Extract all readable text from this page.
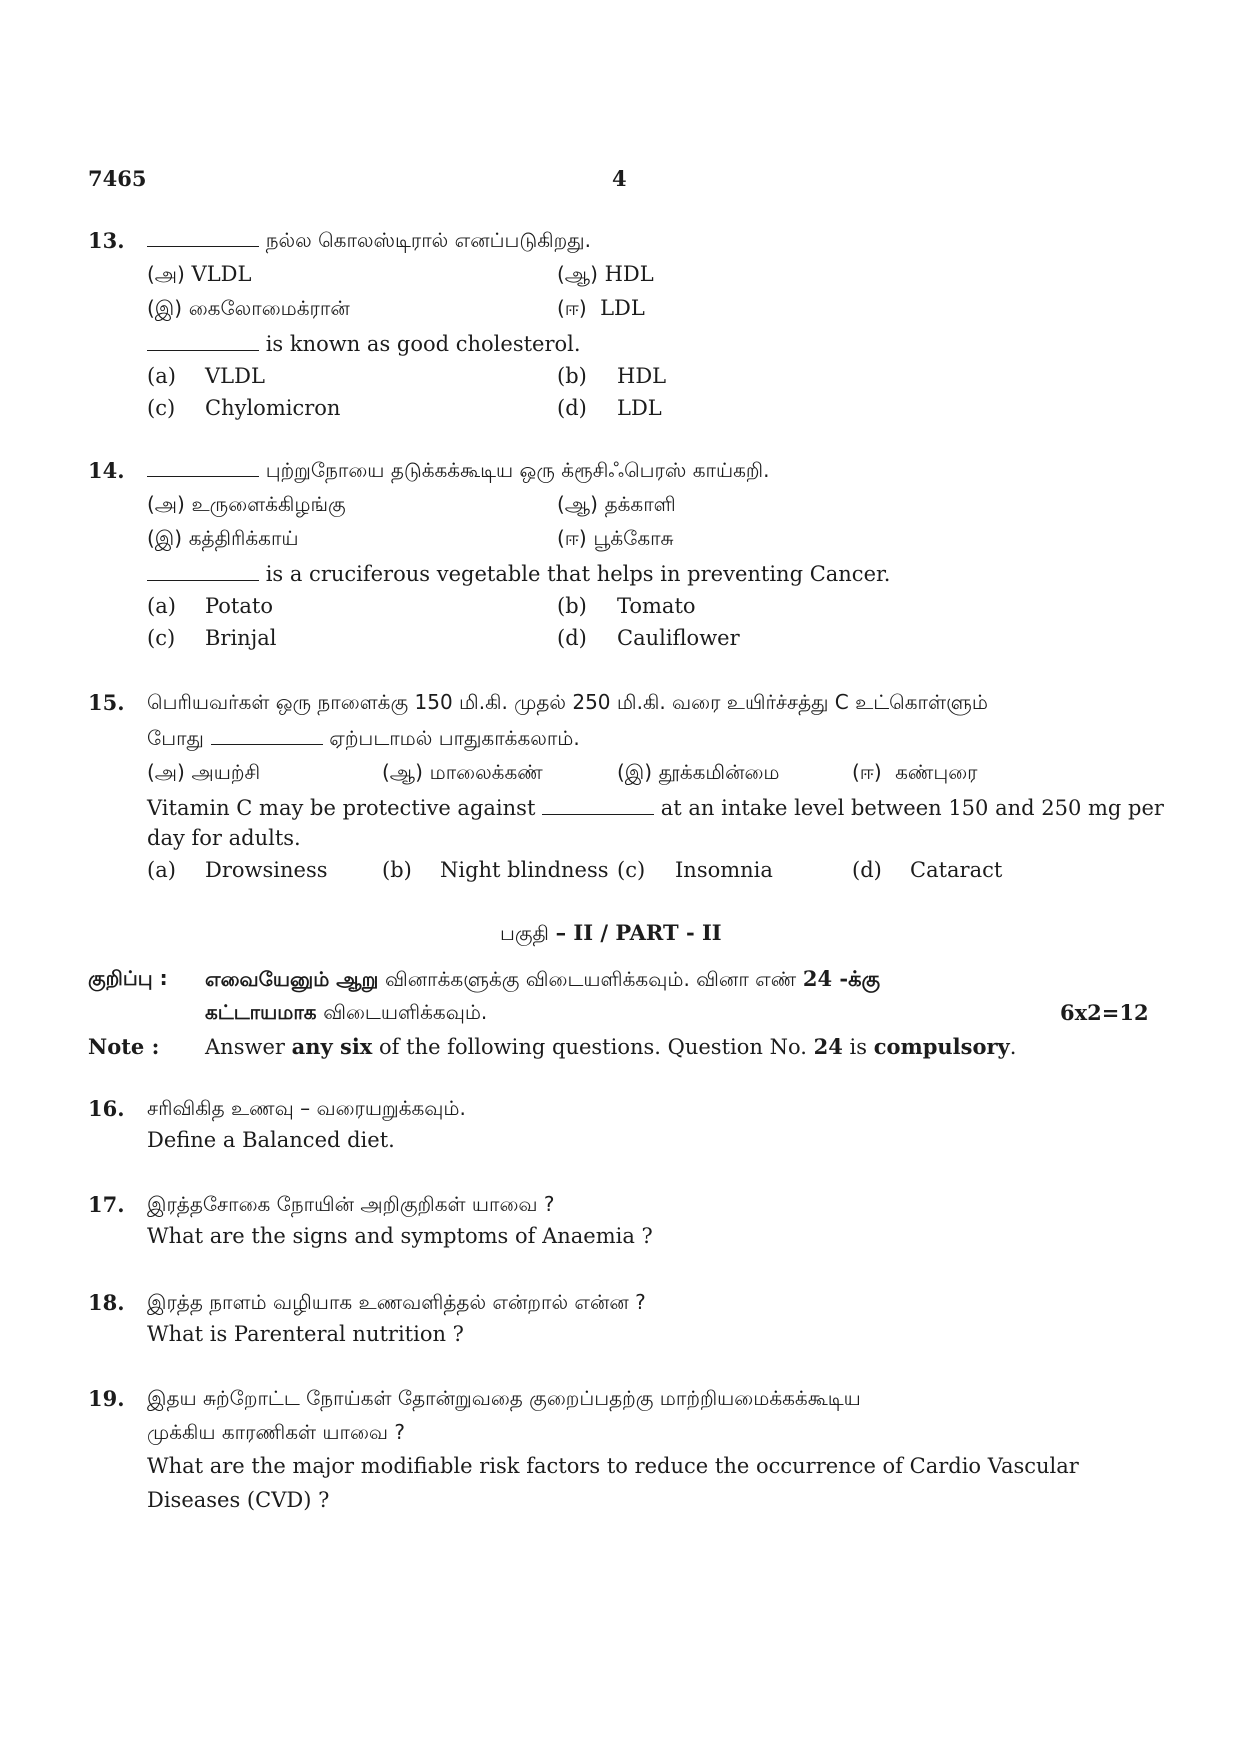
7465	4
13.	நல்ல கொலஸ்டிரால் எனப்படுகிறது.
(அ) VLDL	(ஆ) HDL
(இ) கைலோமைக்ரான்	(ஈ) LDL
is known as good cholesterol.
(a) VLDL	(b) HDL
(c) Chylomicron	(d) LDL
14.	புற்றுநோயை தடுக்கக்கூடிய ஒரு க்ரூசிஃபெரஸ் காய்கறி.
(அ) உருளைக்கிழங்கு	(ஆ) தக்காளி
(இ) கத்திரிக்காய்	(ஈ) பூக்கோசு
is a cruciferous vegetable that helps in preventing Cancer.
(a) Potato	(b) Tomato
(c) Brinjal	(d) Cauliflower
15. பெரியவர்கள் ஒரு நாளைக்கு 150 மி.கி. முதல் 250 மி.கி. வரை உயிர்ச்சத்து C உட்கொள்ளும்
போது	ஏற்படாமல் பாதுகாக்கலாம்.
(அ) அயற்சி	(ஆ) மாலைக்கண்	(இ) தூக்கமின்மை	(ஈ) கண்புரை
Vitamin C may be protective against	at an intake level between 150 and 250 mg per
day for adults.
(a) Drowsiness	(b) Night blindness (c) Insomnia	(d) Cataract
பகுதி – II / PART - II
குறிப்பு : எவையேனும் ஆறு வினாக்களுக்கு விடையளிக்கவும். வினா எண் 24 -க்கு
கட்டாயமாக விடையளிக்கவும்.	6x2=12
Note : Answer any six of the following questions. Question No. 24 is compulsory.
16. சரிவிகித உணவு – வரையறுக்கவும்.
Define a Balanced diet.
17. இரத்தசோகை நோயின் அறிகுறிகள் யாவை ?
What are the signs and symptoms of Anaemia ?
18. இரத்த நாளம் வழியாக உணவளித்தல் என்றால் என்ன ?
What is Parenteral nutrition ?
19. இதய சுற்றோட்ட நோய்கள் தோன்றுவதை குறைப்பதற்கு மாற்றியமைக்கக்கூடிய
முக்கிய காரணிகள் யாவை ?
What are the major modifiable risk factors to reduce the occurrence of Cardio Vascular
Diseases (CVD) ?
